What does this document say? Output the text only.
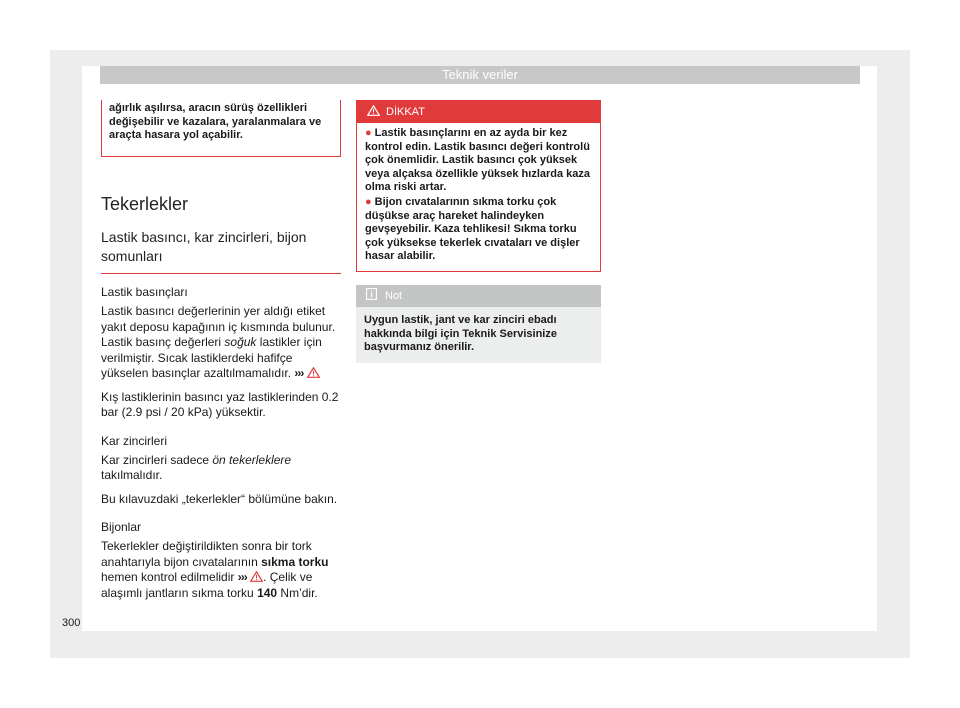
Teknik veriler
ağırlık aşılırsa, aracın sürüş özellikleri değişebilir ve kazalara, yaralanmalara ve araçta hasara yol açabilir.
Tekerlekler
Lastik basıncı, kar zincirleri, bijon somunları
Lastik basınçları
Lastik basıncı değerlerinin yer aldığı etiket yakıt deposu kapağının iç kısmında bulunur. Lastik basınç değerleri soğuk lastikler için verilmiştir. Sıcak lastiklerdeki hafifçe yükselen basınçlar azaltılmamalıdır. ›››
Kış lastiklerinin basıncı yaz lastiklerinden 0.2 bar (2.9 psi / 20 kPa) yüksektir.
Kar zincirleri
Kar zincirleri sadece ön tekerleklere takılmalıdır.
Bu kılavuzdaki „tekerlekler“ bölümüne bakın.
Bijonlar
Tekerlekler değiştirildikten sonra bir tork anahtarıyla bijon cıvatalarının sıkma torku hemen kontrol edilmelidir ››› . Çelik ve alaşımlı jantların sıkma torku 140 Nm’dir.
DİKKAT
● Lastik basınçlarını en az ayda bir kez kontrol edin. Lastik basıncı değeri kontrolü çok önemlidir. Lastik basıncı çok yüksek veya alçaksa özellikle yüksek hızlarda kaza olma riski artar.
● Bijon cıvatalarının sıkma torku çok düşükse araç hareket halindeyken gevşeyebilir. Kaza tehlikesi! Sıkma torku çok yüksekse tekerlek cıvataları ve dişler hasar alabilir.
Not
Uygun lastik, jant ve kar zinciri ebadı hakkında bilgi için Teknik Servisinize başvurmanız önerilir.
300
